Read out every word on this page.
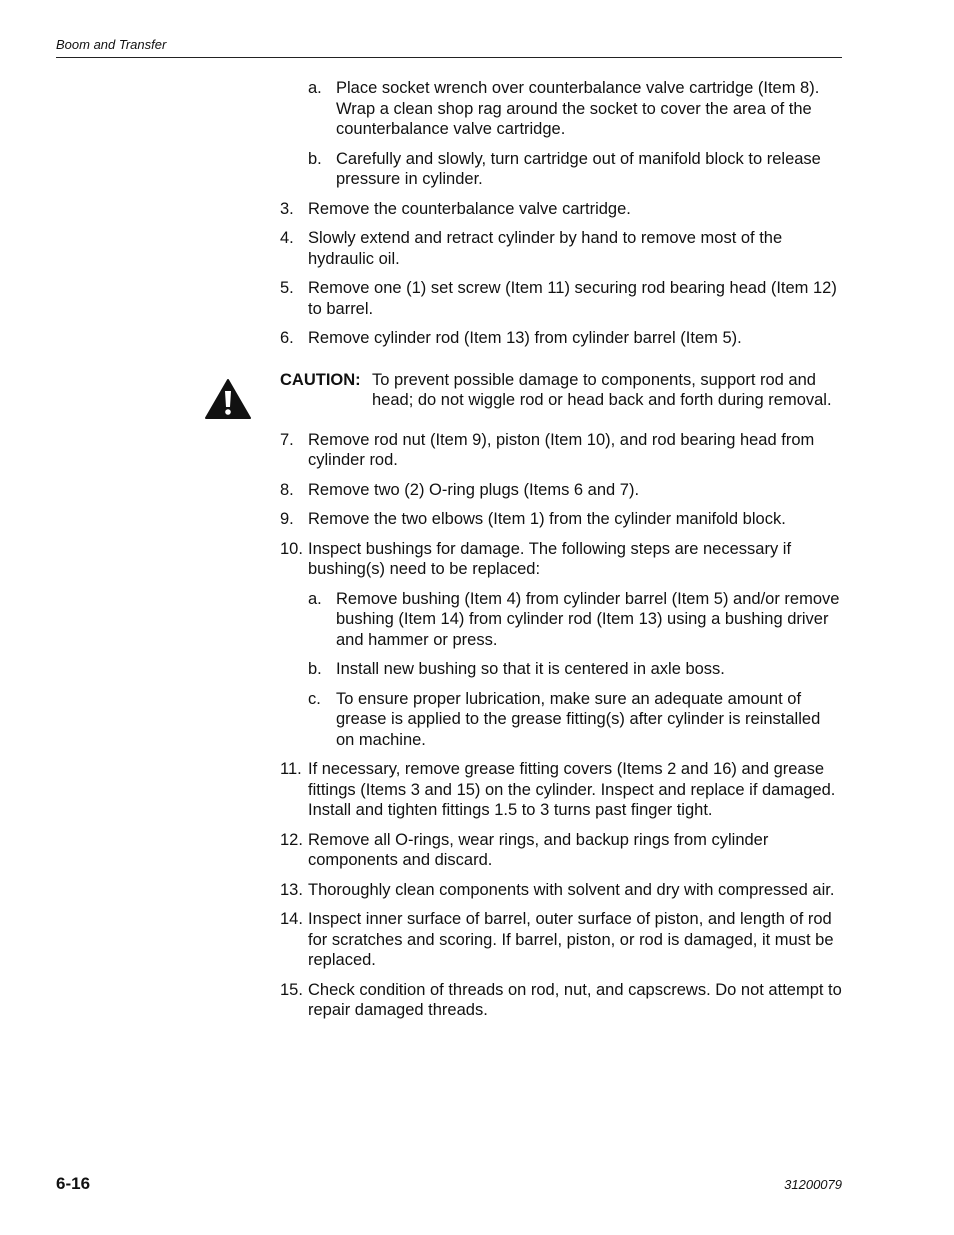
Boom and Transfer
a. Place socket wrench over counterbalance valve cartridge (Item 8). Wrap a clean shop rag around the socket to cover the area of the counterbalance valve cartridge.
b. Carefully and slowly, turn cartridge out of manifold block to release pressure in cylinder.
3. Remove the counterbalance valve cartridge.
4. Slowly extend and retract cylinder by hand to remove most of the hydraulic oil.
5. Remove one (1) set screw (Item 11) securing rod bearing head (Item 12) to barrel.
6. Remove cylinder rod (Item 13) from cylinder barrel (Item 5).
CAUTION: To prevent possible damage to components, support rod and head; do not wiggle rod or head back and forth during removal.
7. Remove rod nut (Item 9), piston (Item 10), and rod bearing head from cylinder rod.
8. Remove two (2) O-ring plugs (Items 6 and 7).
9. Remove the two elbows (Item 1) from the cylinder manifold block.
10. Inspect bushings for damage. The following steps are necessary if bushing(s) need to be replaced:
a. Remove bushing (Item 4) from cylinder barrel (Item 5) and/or remove bushing (Item 14) from cylinder rod (Item 13) using a bushing driver and hammer or press.
b. Install new bushing so that it is centered in axle boss.
c. To ensure proper lubrication, make sure an adequate amount of grease is applied to the grease fitting(s) after cylinder is reinstalled on machine.
11. If necessary, remove grease fitting covers (Items 2 and 16) and grease fittings (Items 3 and 15) on the cylinder. Inspect and replace if damaged. Install and tighten fittings 1.5 to 3 turns past finger tight.
12. Remove all O-rings, wear rings, and backup rings from cylinder components and discard.
13. Thoroughly clean components with solvent and dry with compressed air.
14. Inspect inner surface of barrel, outer surface of piston, and length of rod for scratches and scoring. If barrel, piston, or rod is damaged, it must be replaced.
15. Check condition of threads on rod, nut, and capscrews. Do not attempt to repair damaged threads.
6-16	31200079
